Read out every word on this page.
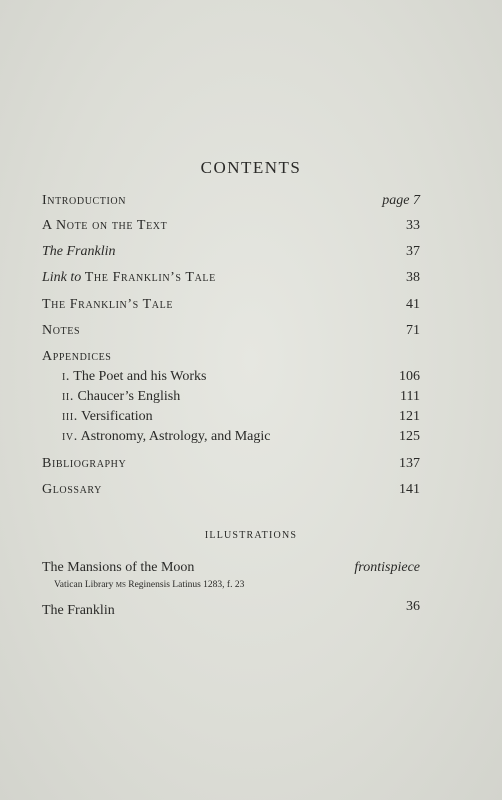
CONTENTS
Introduction	page 7
A Note on the Text	33
The Franklin	37
Link to The Franklin’s Tale	38
The Franklin’s Tale	41
Notes	71
Appendices
i. The Poet and his Works	106
ii. Chaucer’s English	111
iii. Versification	121
iv. Astronomy, Astrology, and Magic	125
Bibliography	137
Glossary	141
ILLUSTRATIONS
The Mansions of the Moon	frontispiece
Vatican Library ms Reginensis Latinus 1283, f. 23
The Franklin	36
